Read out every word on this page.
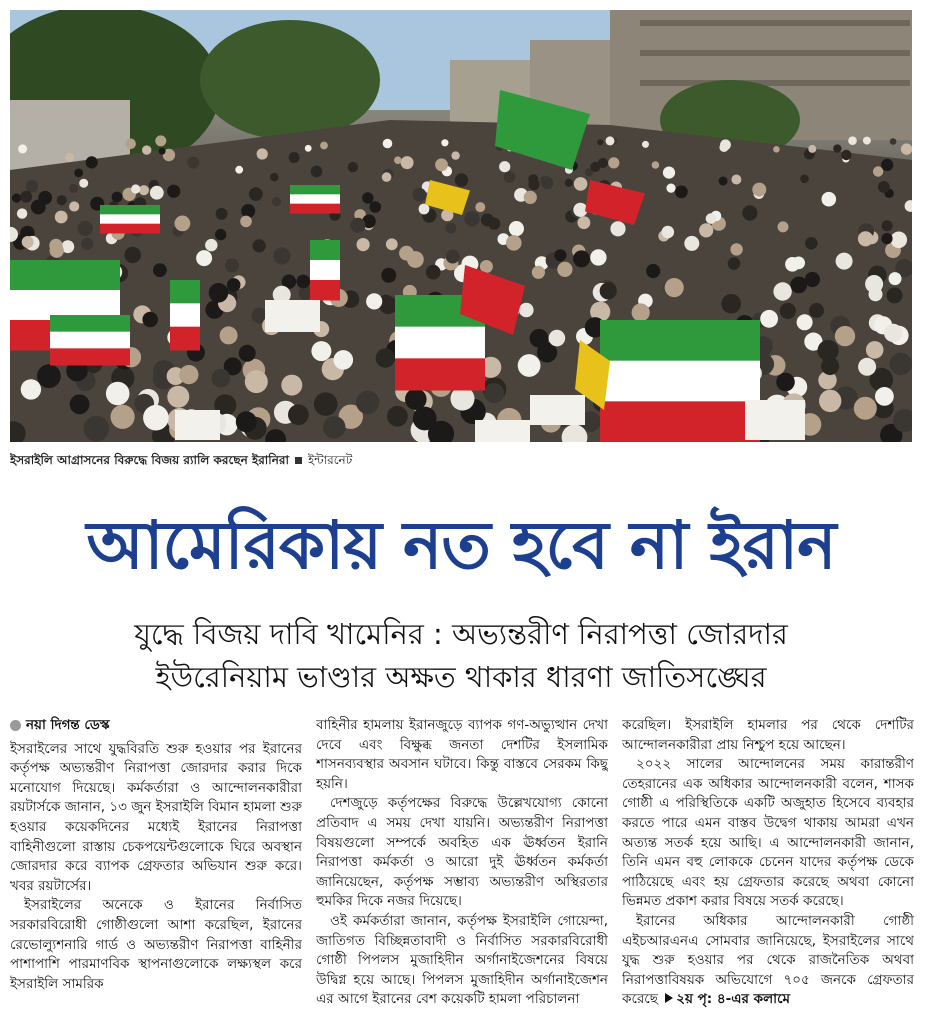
ইসরাইলি আগ্রাসনের বিরুদ্ধে বিজয় র‌্যালি করছেন ইরানিরা ইন্টারনেট
আমেরিকায় নত হবে না ইরান
যুদ্ধে বিজয় দাবি খামেনির : অভ্যন্তরীণ নিরাপত্তা জোরদার
ইউরেনিয়াম ভাণ্ডার অক্ষত থাকার ধারণা জাতিসঙ্ঘের
নয়া দিগন্ত ডেস্ক

ইসরাইলের সাথে যুদ্ধবিরতি শুরু হওয়ার পর ইরানের কর্তৃপক্ষ অভ্যন্তরীণ নিরাপত্তা জোরদার করার দিকে মনোযোগ দিয়েছে। কর্মকর্তারা ও আন্দোলনকারীরা রয়টার্সকে জানান, ১৩ জুন ইসরাইলি বিমান হামলা শুরু হওয়ার কয়েকদিনের মধ্যেই ইরানের নিরাপত্তা বাহিনীগুলো রাস্তায় চেকপয়েন্টগুলোকে ঘিরে অবস্থান জোরদার করে ব্যাপক গ্রেফতার অভিযান শুরু করে। খবর রয়টার্সের।

ইসরাইলের অনেকে ও ইরানের নির্বাসিত সরকারবিরোধী গোষ্ঠীগুলো আশা করেছিল, ইরানের রেভোল্যুশনারি গার্ড ও অভ্যন্তরীণ নিরাপত্তা বাহিনীর পাশাপাশি পারমাণবিক স্থাপনাগুলোকে লক্ষ্যস্থল করে ইসরাইলি সামরিক

বাহিনীর হামলায় ইরানজুড়ে ব্যাপক গণ-অভ্যুত্থান দেখা দেবে এবং বিক্ষুব্ধ জনতা দেশটির ইসলামিক শাসনব্যবস্থার অবসান ঘটাবে। কিন্তু বাস্তবে সেরকম কিছু হয়নি।

দেশজুড়ে কর্তৃপক্ষের বিরুদ্ধে উল্লেখযোগ্য কোনো প্রতিবাদ এ সময় দেখা যায়নি। অভ্যন্তরীণ নিরাপত্তা বিষয়গুলো সম্পর্কে অবহিত এক ঊর্ধ্বতন ইরানি নিরাপত্তা কর্মকর্তা ও আরো দুই ঊর্ধ্বতন কর্মকর্তা জানিয়েছেন, কর্তৃপক্ষ সম্ভাব্য অভ্যন্তরীণ অস্থিরতার হুমকির দিকে নজর দিয়েছে।

ওই কর্মকর্তারা জানান, কর্তৃপক্ষ ইসরাইলি গোয়েন্দা, জাতিগত বিচ্ছিন্নতাবাদী ও নির্বাসিত সরকারবিরোধী গোষ্ঠী পিপলস মুজাহিদীন অর্গানাইজেশনের বিষয়ে উদ্বিগ্ন হয়ে আছে। পিপলস মুজাহিদীন অর্গানাইজেশন এর আগে ইরানের বেশ কয়েকটি হামলা পরিচালনা

করেছিল। ইসরাইলি হামলার পর থেকে দেশটির আন্দোলনকারীরা প্রায় নিশ্চুপ হয়ে আছেন।

২০২২ সালের আন্দোলনের সময় কারান্তরীণ তেহরানের এক অধিকার আন্দোলনকারী বলেন, শাসক গোষ্ঠী এ পরিস্থিতিকে একটি অজুহাত হিসেবে ব্যবহার করতে পারে এমন বাস্তব উদ্বেগ থাকায় আমরা এখন অত্যন্ত সতর্ক হয়ে আছি। এ আন্দোলনকারী জানান, তিনি এমন বহু লোককে চেনেন যাদের কর্তৃপক্ষ ডেকে পাঠিয়েছে এবং হয় গ্রেফতার করেছে অথবা কোনো ভিন্নমত প্রকাশ করার বিষয়ে সতর্ক করেছে।

ইরানের অধিকার আন্দোলনকারী গোষ্ঠী এইচআরএনএ সোমবার জানিয়েছে, ইসরাইলের সাথে যুদ্ধ শুরু হওয়ার পর থেকে রাজনৈতিক অথবা নিরাপত্তাবিষয়ক অভিযোগে ৭০৫ জনকে গ্রেফতার করেছে ২য় পৃ: ৪-এর কলামে
